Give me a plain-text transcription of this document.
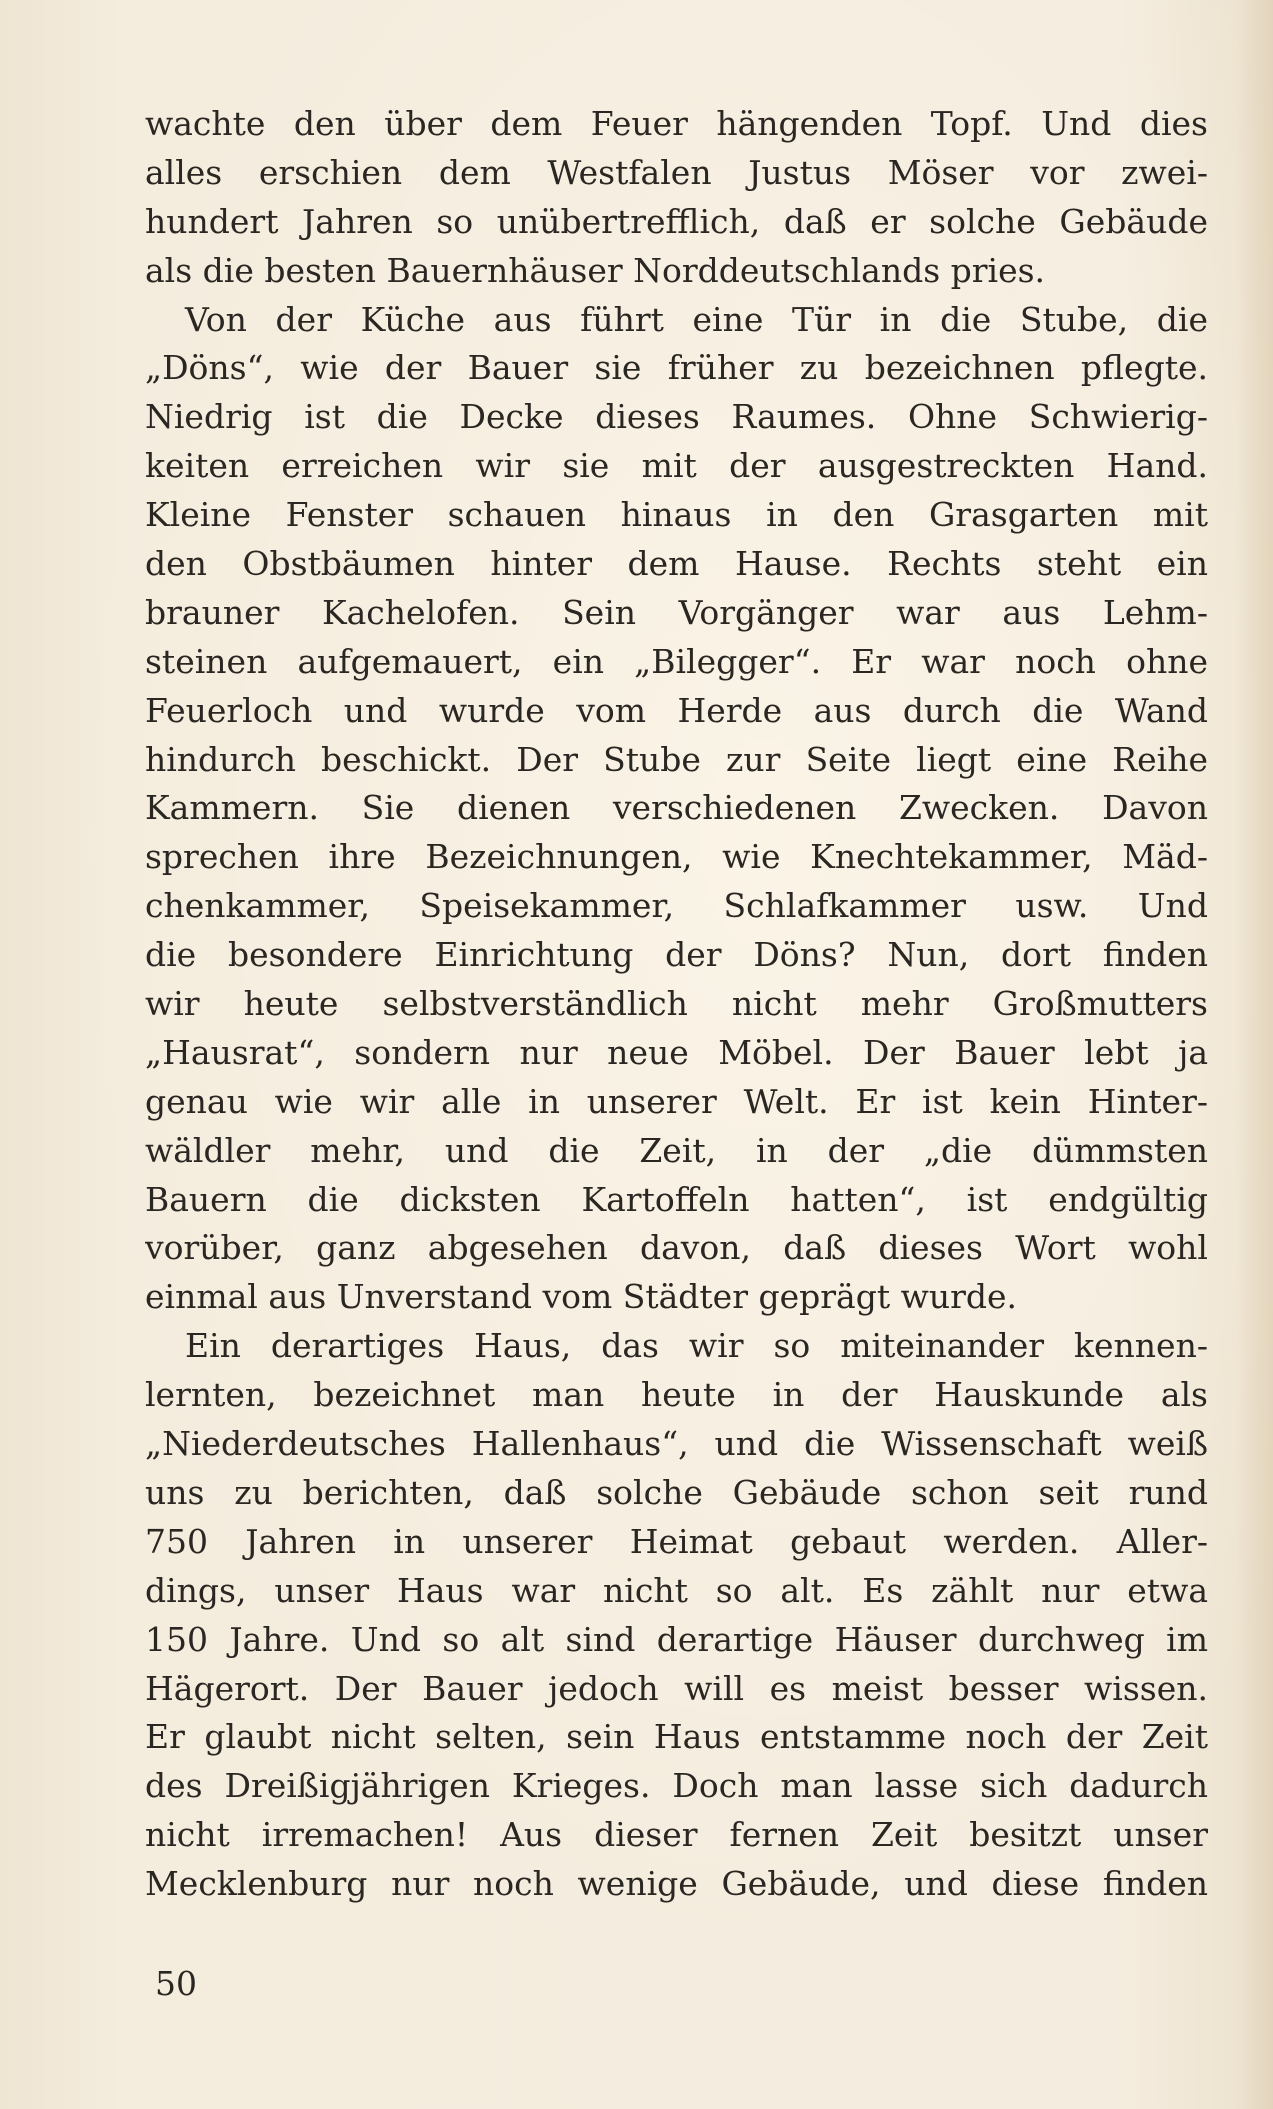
wachte den über dem Feuer hängenden Topf. Und dies
alles erschien dem Westfalen Justus Möser vor zwei-
hundert Jahren so unübertrefflich, daß er solche Gebäude
als die besten Bauernhäuser Norddeutschlands pries.
Von der Küche aus führt eine Tür in die Stube, die
„Döns“, wie der Bauer sie früher zu bezeichnen pflegte.
Niedrig ist die Decke dieses Raumes. Ohne Schwierig-
keiten erreichen wir sie mit der ausgestreckten Hand.
Kleine Fenster schauen hinaus in den Grasgarten mit
den Obstbäumen hinter dem Hause. Rechts steht ein
brauner Kachelofen. Sein Vorgänger war aus Lehm-
steinen aufgemauert, ein „Bilegger“. Er war noch ohne
Feuerloch und wurde vom Herde aus durch die Wand
hindurch beschickt. Der Stube zur Seite liegt eine Reihe
Kammern. Sie dienen verschiedenen Zwecken. Davon
sprechen ihre Bezeichnungen, wie Knechtekammer, Mäd-
chenkammer, Speisekammer, Schlafkammer usw. Und
die besondere Einrichtung der Döns? Nun, dort finden
wir heute selbstverständlich nicht mehr Großmutters
„Hausrat“, sondern nur neue Möbel. Der Bauer lebt ja
genau wie wir alle in unserer Welt. Er ist kein Hinter-
wäldler mehr, und die Zeit, in der „die dümmsten
Bauern die dicksten Kartoffeln hatten“, ist endgültig
vorüber, ganz abgesehen davon, daß dieses Wort wohl
einmal aus Unverstand vom Städter geprägt wurde.
Ein derartiges Haus, das wir so miteinander kennen-
lernten, bezeichnet man heute in der Hauskunde als
„Niederdeutsches Hallenhaus“, und die Wissenschaft weiß
uns zu berichten, daß solche Gebäude schon seit rund
750 Jahren in unserer Heimat gebaut werden. Aller-
dings, unser Haus war nicht so alt. Es zählt nur etwa
150 Jahre. Und so alt sind derartige Häuser durchweg im
Hägerort. Der Bauer jedoch will es meist besser wissen.
Er glaubt nicht selten, sein Haus entstamme noch der Zeit
des Dreißigjährigen Krieges. Doch man lasse sich dadurch
nicht irremachen! Aus dieser fernen Zeit besitzt unser
Mecklenburg nur noch wenige Gebäude, und diese finden
50
